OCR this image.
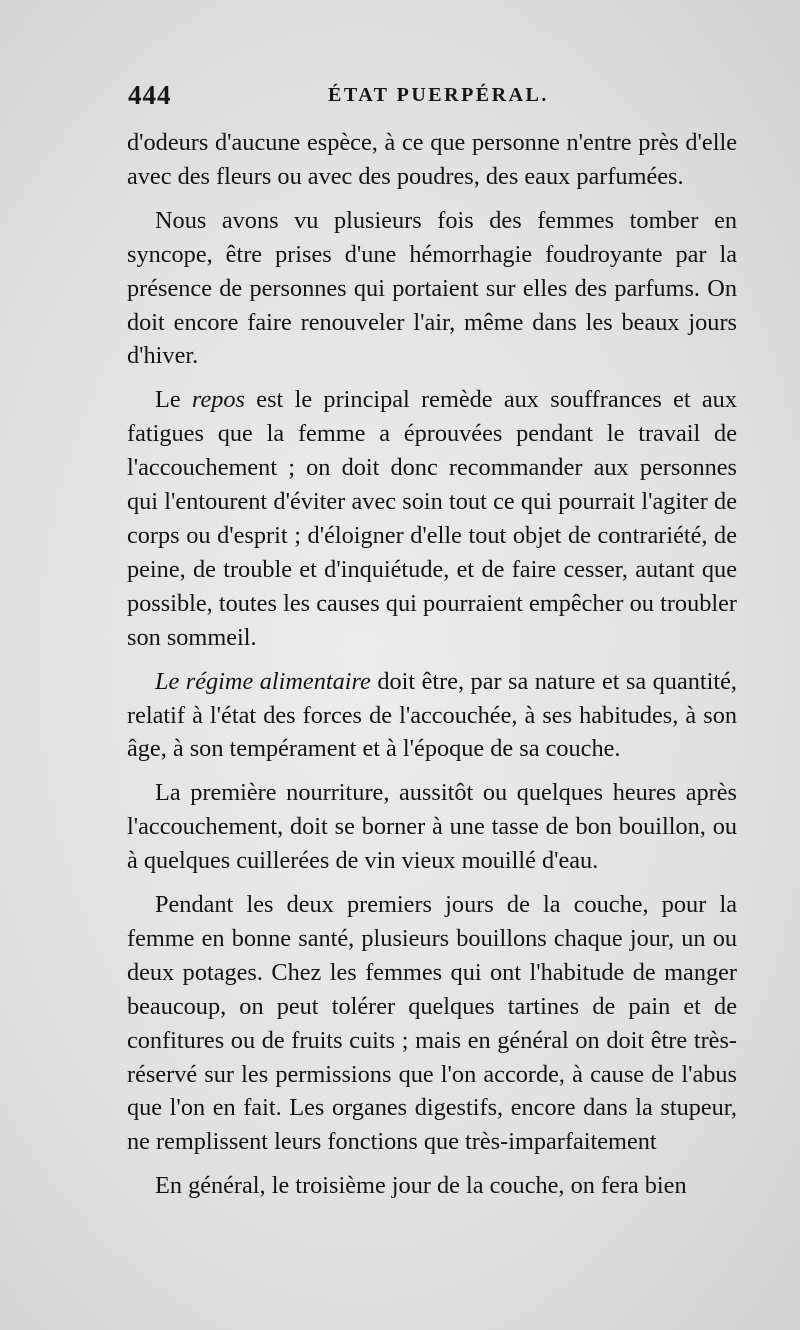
444	ÉTAT PUERPÉRAL.

d'odeurs d'aucune espèce, à ce que personne n'entre près d'elle avec des fleurs ou avec des poudres, des eaux parfumées.

Nous avons vu plusieurs fois des femmes tomber en syncope, être prises d'une hémorrhagie foudroyante par la présence de personnes qui portaient sur elles des parfums. On doit encore faire renouveler l'air, même dans les beaux jours d'hiver.

Le repos est le principal remède aux souffrances et aux fatigues que la femme a éprouvées pendant le travail de l'accouchement ; on doit donc recommander aux personnes qui l'entourent d'éviter avec soin tout ce qui pourrait l'agiter de corps ou d'esprit ; d'éloigner d'elle tout objet de contrariété, de peine, de trouble et d'inquiétude, et de faire cesser, autant que possible, toutes les causes qui pourraient empêcher ou troubler son sommeil.

Le régime alimentaire doit être, par sa nature et sa quantité, relatif à l'état des forces de l'accouchée, à ses habitudes, à son âge, à son tempérament et à l'époque de sa couche.

La première nourriture, aussitôt ou quelques heures après l'accouchement, doit se borner à une tasse de bon bouillon, ou à quelques cuillerées de vin vieux mouillé d'eau.

Pendant les deux premiers jours de la couche, pour la femme en bonne santé, plusieurs bouillons chaque jour, un ou deux potages. Chez les femmes qui ont l'habitude de manger beaucoup, on peut tolérer quelques tartines de pain et de confitures ou de fruits cuits ; mais en général on doit être très-réservé sur les permissions que l'on accorde, à cause de l'abus que l'on en fait. Les organes digestifs, encore dans la stupeur, ne remplissent leurs fonctions que très-imparfaitement

En général, le troisième jour de la couche, on fera bien
